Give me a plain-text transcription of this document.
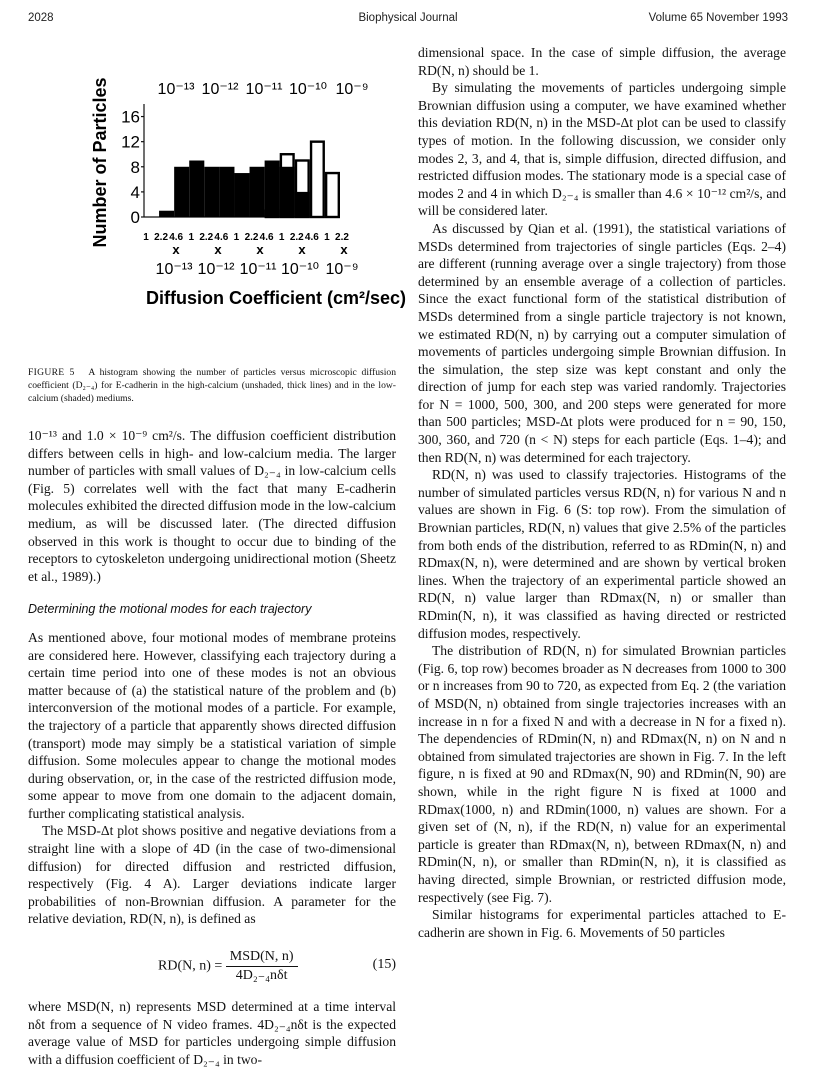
2028	Biophysical Journal	Volume 65 November 1993
10⁻¹³ 10⁻¹² 10⁻¹¹ 10⁻¹⁰ 10⁻⁹
0
4
8
12
16
Number of Particles	1 2.2 4.6 1 2.2 4.6 1 2.2 4.6 1 2.2 4.6 1 2.2
x	x	x	x	x
10⁻¹³ 10⁻¹² 10⁻¹¹ 10⁻¹⁰ 10⁻⁹
Diffusion Coefficient (cm²/sec)
FIGURE 5 A histogram showing the number of particles versus microscopic diffusion coefficient (D₂₋₄) for E-cadherin in the high-calcium (unshaded, thick lines) and in the low-calcium (shaded) mediums.

10⁻¹³ and 1.0 × 10⁻⁹ cm²/s. The diffusion coefficient distribution differs between cells in high- and low-calcium media. The larger number of particles with small values of D₂₋₄ in low-calcium cells (Fig. 5) correlates well with the fact that many E-cadherin molecules exhibited the directed diffusion mode in the low-calcium medium, as will be discussed later. (The directed diffusion observed in this work is thought to occur due to binding of the receptors to cytoskeleton undergoing unidirectional motion (Sheetz et al., 1989).)

Determining the motional modes for each trajectory

As mentioned above, four motional modes of membrane proteins are considered here. However, classifying each trajectory during a certain time period into one of these modes is not an obvious matter because of (a) the statistical nature of the problem and (b) interconversion of the motional modes of a particle. For example, the trajectory of a particle that apparently shows directed diffusion (transport) mode may simply be a statistical variation of simple diffusion. Some molecules appear to change the motional modes during observation, or, in the case of the restricted diffusion mode, some appear to move from one domain to the adjacent domain, further complicating statistical analysis.

The MSD-Δt plot shows positive and negative deviations from a straight line with a slope of 4D (in the case of two-dimensional diffusion) for directed diffusion and restricted diffusion, respectively (Fig. 4 A). Larger deviations indicate larger probabilities of non-Brownian diffusion. A parameter for the relative deviation, RD(N, n), is defined as

RD(N, $n) = \frac{\text{MSD(N, n)}}{\text{4D₂₋₄nδt}}$	(15)

where MSD(N, n) represents MSD determined at a time interval nδt from a sequence of N video frames. 4D₂₋₄nδt is the expected average value of MSD for particles undergoing simple diffusion with a diffusion coefficient of D₂₋₄ in two-

dimensional space. In the case of simple diffusion, the average RD(N, n) should be 1.

By simulating the movements of particles undergoing simple Brownian diffusion using a computer, we have examined whether this deviation RD(N, n) in the MSD-Δt plot can be used to classify types of motion. In the following discussion, we consider only modes 2, 3, and 4, that is, simple diffusion, directed diffusion, and restricted diffusion modes. The stationary mode is a special case of modes 2 and 4 in which D₂₋₄ is smaller than 4.6 × 10⁻¹² cm²/s, and will be considered later.

As discussed by Qian et al. (1991), the statistical variations of MSDs determined from trajectories of single particles (Eqs. 2–4) are different (running average over a single trajectory) from those determined by an ensemble average of a collection of particles. Since the exact functional form of the statistical distribution of MSDs determined from a single particle trajectory is not known, we estimated RD(N, n) by carrying out a computer simulation of movements of particles undergoing simple Brownian diffusion. In the simulation, the step size was kept constant and only the direction of jump for each step was varied randomly. Trajectories for N = 1000, 500, 300, and 200 steps were generated for more than 500 particles; MSD-Δt plots were produced for n = 90, 150, 300, 360, and 720 (n < N) steps for each particle (Eqs. 1–4); and then RD(N, n) was determined for each trajectory.

RD(N, n) was used to classify trajectories. Histograms of the number of simulated particles versus RD(N, n) for various N and n values are shown in Fig. 6 (S: top row). From the simulation of Brownian particles, RD(N, n) values that give 2.5% of the particles from both ends of the distribution, referred to as RDmin(N, n) and RDmax(N, n), were determined and are shown by vertical broken lines. When the trajectory of an experimental particle showed an RD(N, n) value larger than RDmax(N, n) or smaller than RDmin(N, n), it was classified as having directed or restricted diffusion modes, respectively.

The distribution of RD(N, n) for simulated Brownian particles (Fig. 6, top row) becomes broader as N decreases from 1000 to 300 or n increases from 90 to 720, as expected from Eq. 2 (the variation of MSD(N, n) obtained from single trajectories increases with an increase in n for a fixed N and with a decrease in N for a fixed n). The dependencies of RDmin(N, n) and RDmax(N, n) on N and n obtained from simulated trajectories are shown in Fig. 7. In the left figure, n is fixed at 90 and RDmax(N, 90) and RDmin(N, 90) are shown, while in the right figure N is fixed at 1000 and RDmax(1000, n) and RDmin(1000, n) values are shown. For a given set of (N, n), if the RD(N, n) value for an experimental particle is greater than RDmax(N, n), between RDmax(N, n) and RDmin(N, n), or smaller than RDmin(N, n), it is classified as having directed, simple Brownian, or restricted diffusion mode, respectively (see Fig. 7).

Similar histograms for experimental particles attached to E-cadherin are shown in Fig. 6. Movements of 50 particles
